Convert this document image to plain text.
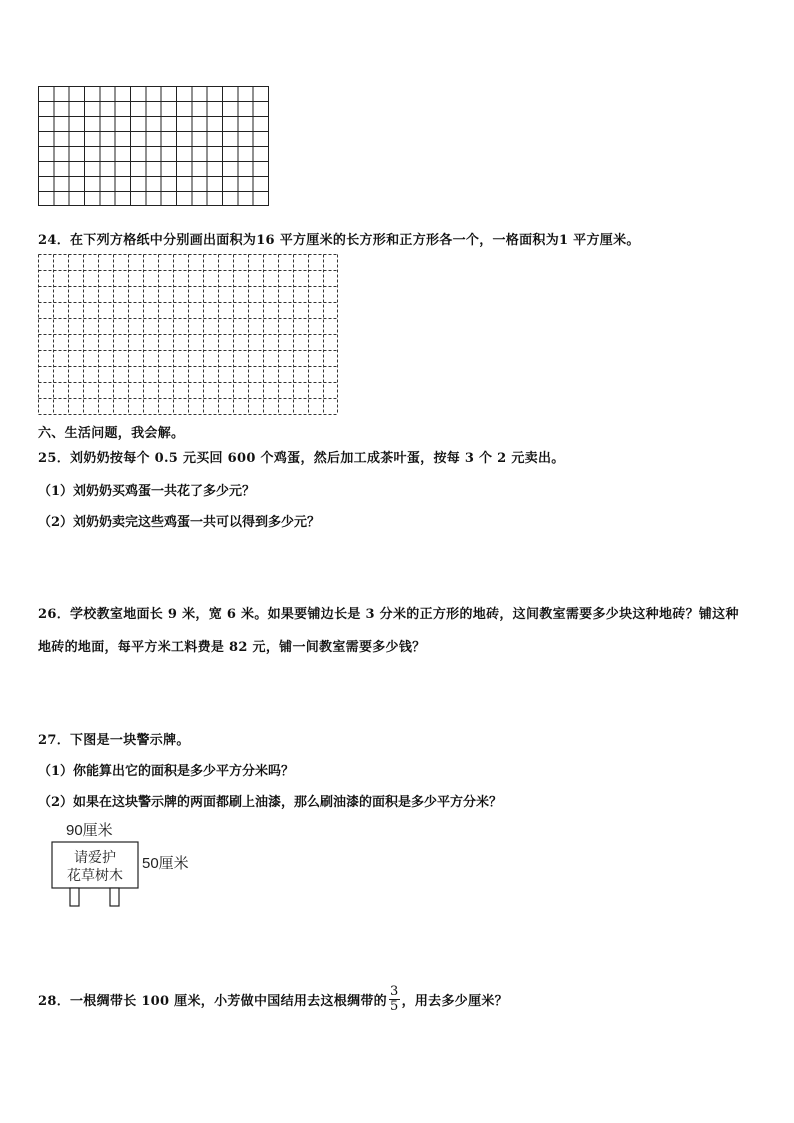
24．在下列方格纸中分别画出面积为16 平方厘米的长方形和正方形各一个，一格面积为1 平方厘米。
六、生活问题，我会解。
25．刘奶奶按每个 0.5 元买回 600 个鸡蛋，然后加工成茶叶蛋，按每 3 个 2 元卖出。
（1）刘奶奶买鸡蛋一共花了多少元？
（2）刘奶奶卖完这些鸡蛋一共可以得到多少元？
26．学校教室地面长 9 米，宽 6 米。如果要铺边长是 3 分米的正方形的地砖，这间教室需要多少块这种地砖？铺这种
地砖的地面，每平方米工料费是 82 元，铺一间教室需要多少钱？
27．下图是一块警示牌。
（1）你能算出它的面积是多少平方分米吗？
（2）如果在这块警示牌的两面都刷上油漆，那么刷油漆的面积是多少平方分米？
90厘米
请爱护
花草树木
50厘米
28．一根绸带长 100 厘米，小芳做中国结用去这根绸带的 $\frac{3}{5}$ ，用去多少厘米？
